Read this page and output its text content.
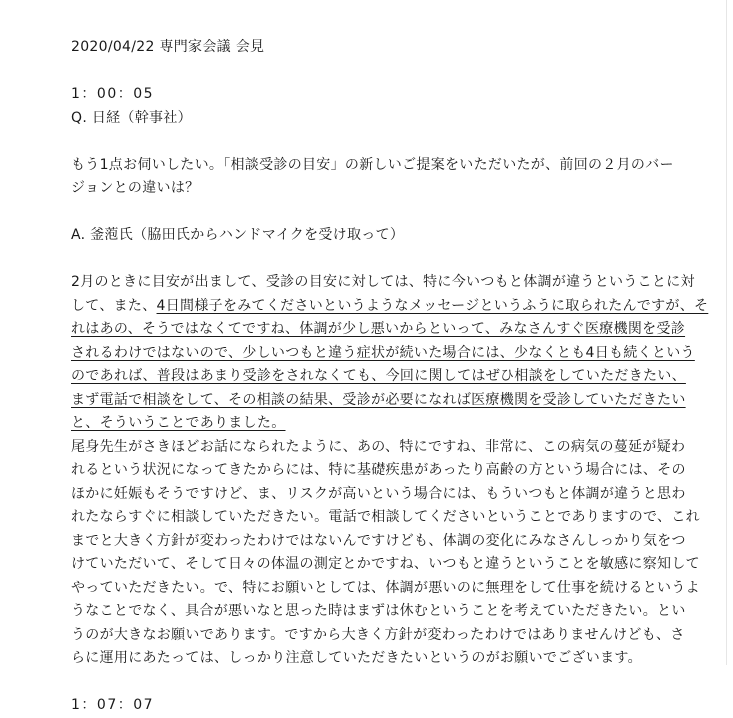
2020/04/22 専門家会議 会見
1：00：05
Q. 日経（幹事社）
もう1点お伺いしたい。「相談受診の目安」の新しいご提案をいただいたが、前回の２月のバー
ジョンとの違いは？
A. 釜萢氏（脇田氏からハンドマイクを受け取って）
2月のときに目安が出まして、受診の目安に対しては、特に今いつもと体調が違うということに対
して、また、4日間様子をみてくださいというようなメッセージというふうに取られたんですが、そ
れはあの、そうではなくてですね、体調が少し悪いからといって、みなさんすぐ医療機関を受診
されるわけではないので、少しいつもと違う症状が続いた場合には、少なくとも4日も続くという
のであれば、普段はあまり受診をされなくても、今回に関してはぜひ相談をしていただきたい、
まず電話で相談をして、その相談の結果、受診が必要になれば医療機関を受診していただきたい
と、そういうことでありました。
尾身先生がさきほどお話になられたように、あの、特にですね、非常に、この病気の蔓延が疑わ
れるという状況になってきたからには、特に基礎疾患があったり高齢の方という場合には、その
ほかに妊娠もそうですけど、ま、リスクが高いという場合には、もういつもと体調が違うと思わ
れたならすぐに相談していただきたい。電話で相談してくださいということでありますので、これ
までと大きく方針が変わったわけではないんですけども、体調の変化にみなさんしっかり気をつ
けていただいて、そして日々の体温の測定とかですね、いつもと違うということを敏感に察知して
やっていただきたい。で、特にお願いとしては、体調が悪いのに無理をして仕事を続けるというよ
うなことでなく、具合が悪いなと思った時はまずは休むということを考えていただきたい。とい
うのが大きなお願いであります。ですから大きく方針が変わったわけではありませんけども、さ
らに運用にあたっては、しっかり注意していただきたいというのがお願いでございます。
1：07：07
